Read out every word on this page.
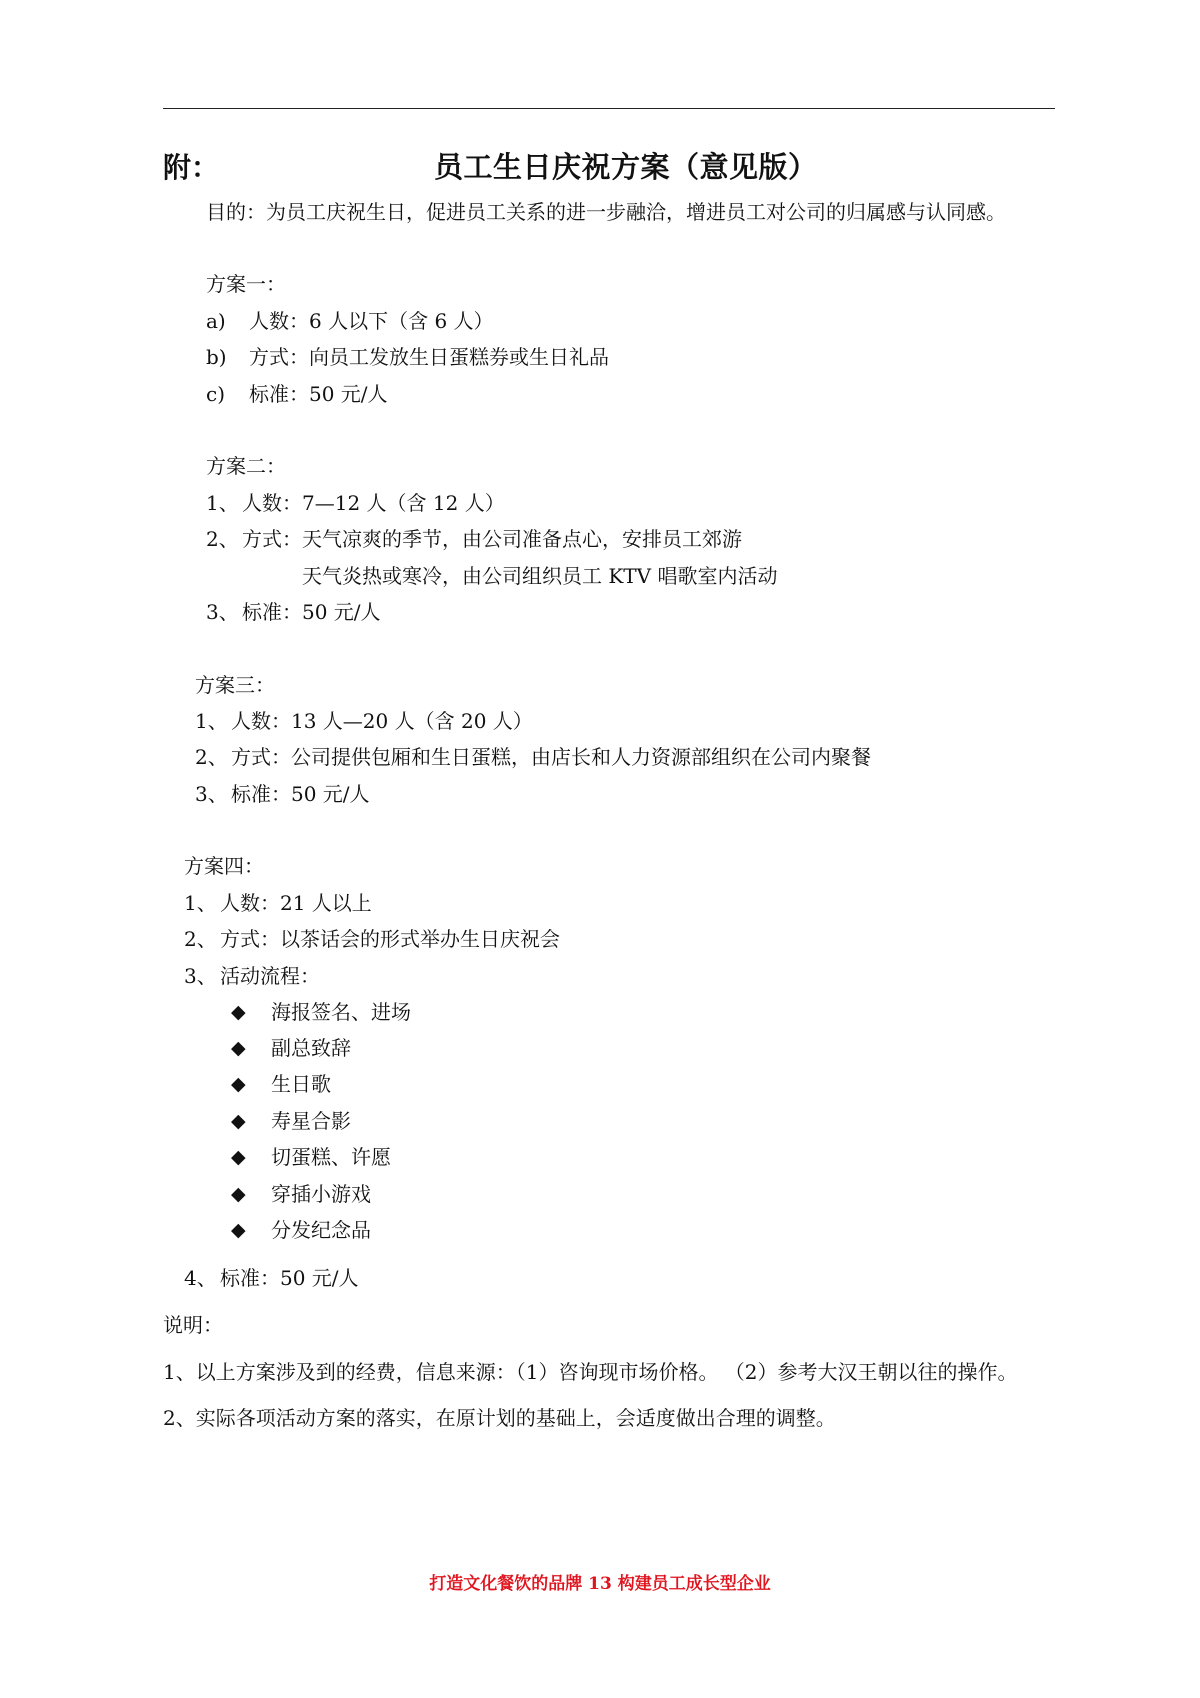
附：	员工生日庆祝方案（意见版）
目的：为员工庆祝生日，促进员工关系的进一步融洽，增进员工对公司的归属感与认同感。
方案一：
a) 人数：6 人以下（含 6 人）
b) 方式：向员工发放生日蛋糕券或生日礼品
c) 标准：50 元/人
方案二：
1、 人数：7—12 人（含 12 人）
2、 方式：天气凉爽的季节，由公司准备点心，安排员工郊游
天气炎热或寒冷，由公司组织员工 KTV 唱歌室内活动
3、 标准：50 元/人
方案三：
1、 人数：13 人—20 人（含 20 人）
2、 方式：公司提供包厢和生日蛋糕，由店长和人力资源部组织在公司内聚餐
3、 标准：50 元/人
方案四：
1、 人数：21 人以上
2、 方式：以茶话会的形式举办生日庆祝会
3、 活动流程：
◆ 海报签名、进场
◆ 副总致辞
◆ 生日歌
◆ 寿星合影
◆ 切蛋糕、许愿
◆ 穿插小游戏
◆ 分发纪念品
4、 标准：50 元/人
说明：
1、以上方案涉及到的经费，信息来源：（1）咨询现市场价格。 （2）参考大汉王朝以往的操作。
2、实际各项活动方案的落实，在原计划的基础上，会适度做出合理的调整。
打造文化餐饮的品牌 13 构建员工成长型企业
